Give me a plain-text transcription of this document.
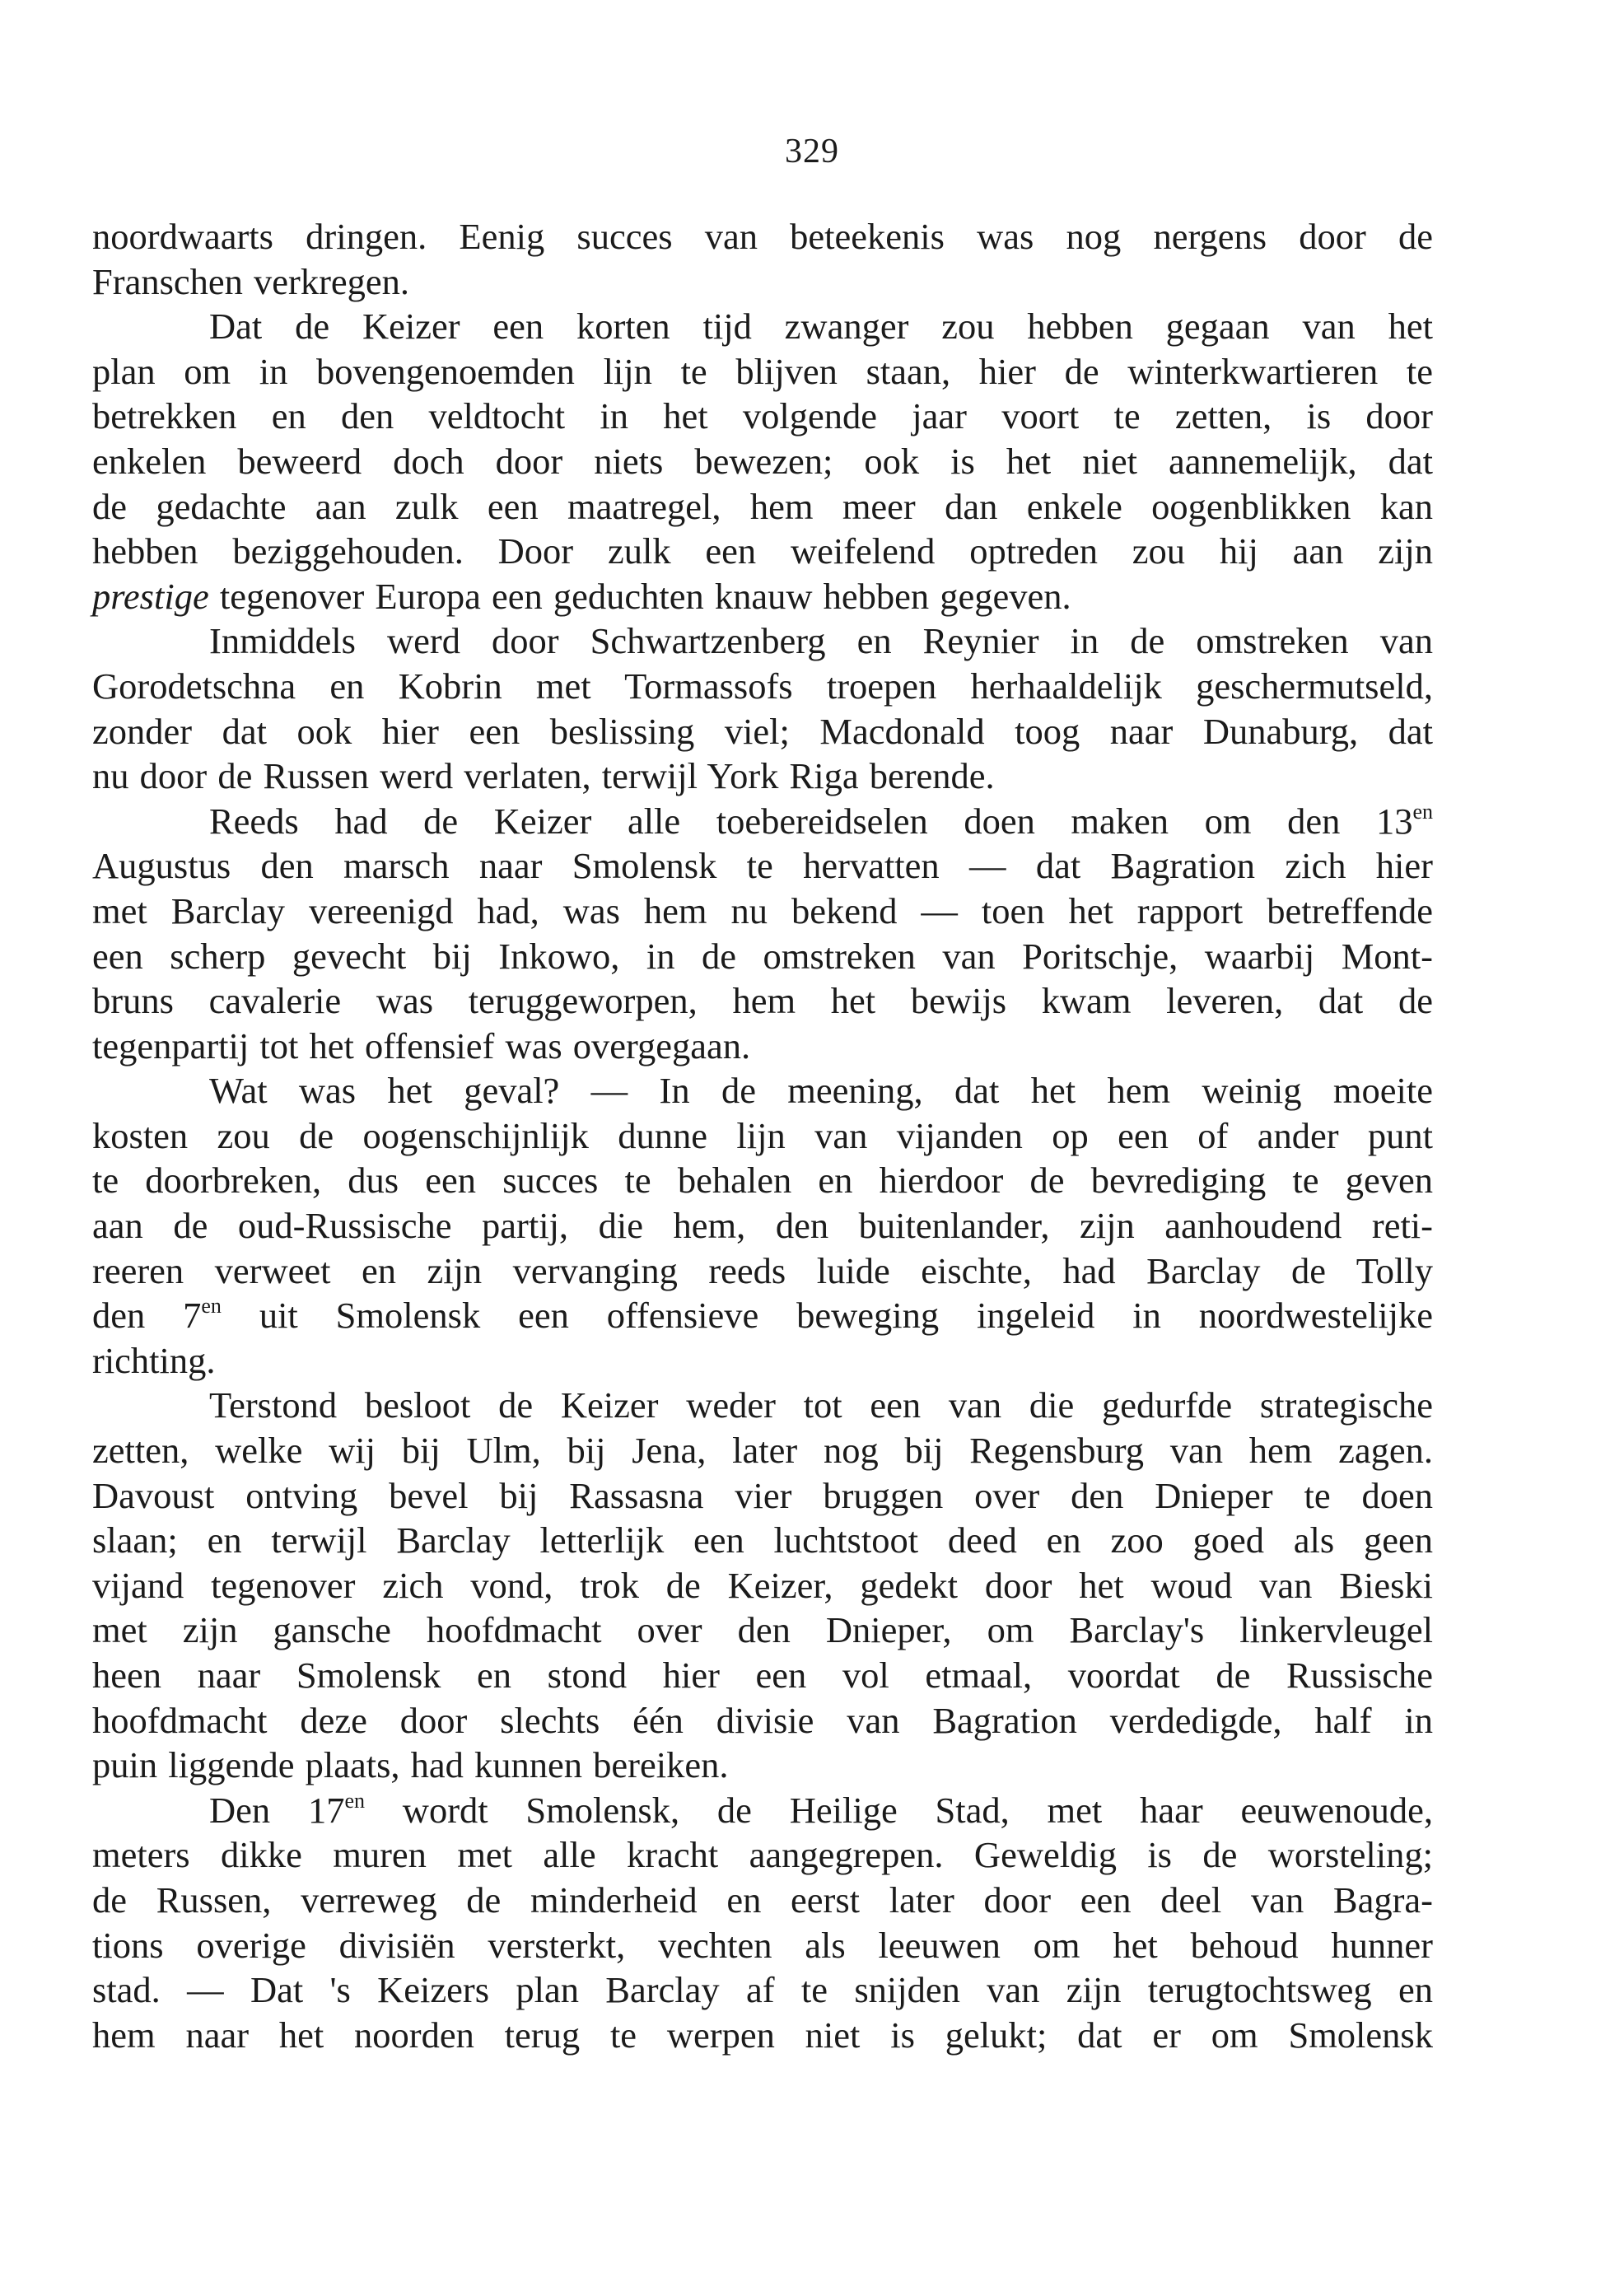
329
noordwaarts dringen. Eenig succes van beteekenis was nog nergens door de
Franschen verkregen.
Dat de Keizer een korten tijd zwanger zou hebben gegaan van het
plan om in bovengenoemden lijn te blijven staan, hier de winterkwartieren te
betrekken en den veldtocht in het volgende jaar voort te zetten, is door
enkelen beweerd doch door niets bewezen; ook is het niet aannemelijk, dat
de gedachte aan zulk een maatregel, hem meer dan enkele oogenblikken kan
hebben beziggehouden. Door zulk een weifelend optreden zou hij aan zijn
prestige tegenover Europa een geduchten knauw hebben gegeven.
Inmiddels werd door Schwartzenberg en Reynier in de omstreken van
Gorodetschna en Kobrin met Tormassofs troepen herhaaldelijk geschermutseld,
zonder dat ook hier een beslissing viel; Macdonald toog naar Dunaburg, dat
nu door de Russen werd verlaten, terwijl York Riga berende.
Reeds had de Keizer alle toebereidselen doen maken om den $13^{en}$
Augustus den marsch naar Smolensk te hervatten — dat Bagration zich hier
met Barclay vereenigd had, was hem nu bekend — toen het rapport betreffende
een scherp gevecht bij Inkowo, in de omstreken van Poritschje, waarbij Mont-
bruns cavalerie was teruggeworpen, hem het bewijs kwam leveren, dat de
tegenpartij tot het offensief was overgegaan.
Wat was het geval? — In de meening, dat het hem weinig moeite
kosten zou de oogenschijnlijk dunne lijn van vijanden op een of ander punt
te doorbreken, dus een succes te behalen en hierdoor de bevrediging te geven
aan de oud-Russische partij, die hem, den buitenlander, zijn aanhoudend reti-
reeren verweet en zijn vervanging reeds luide eischte, had Barclay de Tolly
den $7^{en}$ uit Smolensk een offensieve beweging ingeleid in noordwestelijke
richting.
Terstond besloot de Keizer weder tot een van die gedurfde strategische
zetten, welke wij bij Ulm, bij Jena, later nog bij Regensburg van hem zagen.
Davoust ontving bevel bij Rassasna vier bruggen over den Dnieper te doen
slaan; en terwijl Barclay letterlijk een luchtstoot deed en zoo goed als geen
vijand tegenover zich vond, trok de Keizer, gedekt door het woud van Bieski
met zijn gansche hoofdmacht over den Dnieper, om Barclay's linkervleugel
heen naar Smolensk en stond hier een vol etmaal, voordat de Russische
hoofdmacht deze door slechts één divisie van Bagration verdedigde, half in
puin liggende plaats, had kunnen bereiken.
Den $17^{en}$ wordt Smolensk, de Heilige Stad, met haar eeuwenoude,
meters dikke muren met alle kracht aangegrepen. Geweldig is de worsteling;
de Russen, verreweg de minderheid en eerst later door een deel van Bagra-
tions overige divisiën versterkt, vechten als leeuwen om het behoud hunner
stad. — Dat 's Keizers plan Barclay af te snijden van zijn terugtochtsweg en
hem naar het noorden terug te werpen niet is gelukt; dat er om Smolensk
